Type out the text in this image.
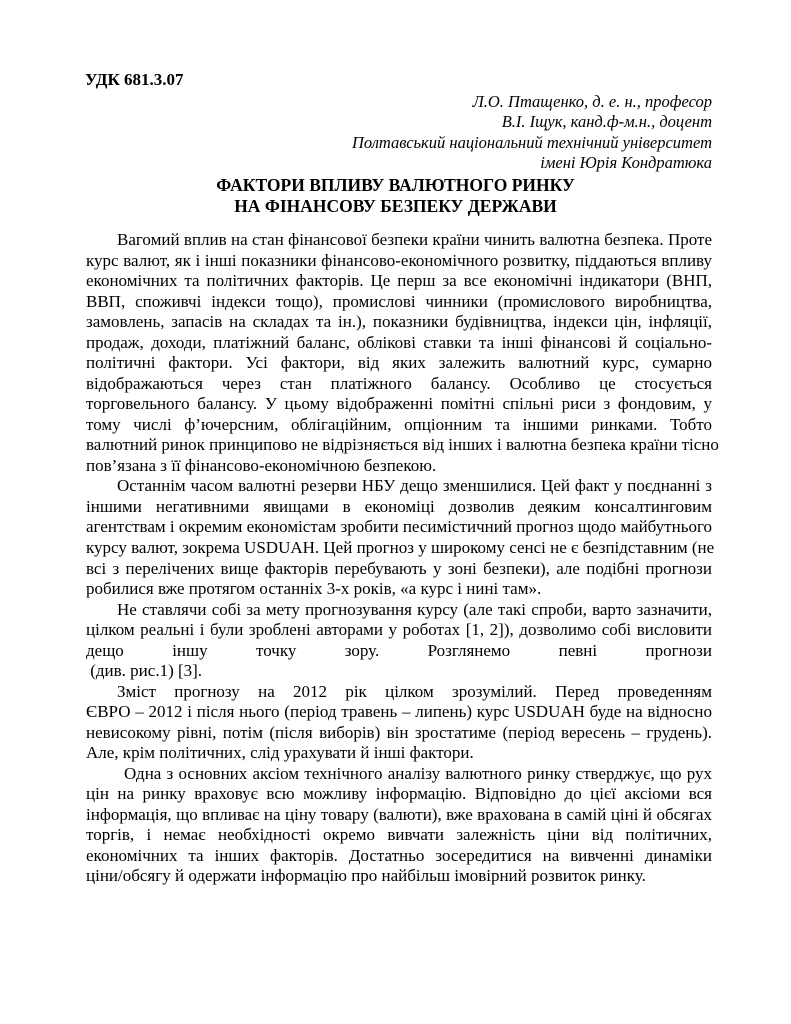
УДК 681.3.07
Л.О. Птащенко, д. е. н., професор
В.І. Іщук, канд.ф-м.н., доцент
Полтавський національний технічний університет
імені Юрія Кондратюка
ФАКТОРИ ВПЛИВУ ВАЛЮТНОГО РИНКУ
НА ФІНАНСОВУ БЕЗПЕКУ ДЕРЖАВИ
Вагомий вплив на стан фінансової безпеки країни чинить валютна безпека. Проте
курс валют, як і інші показники фінансово-економічного розвитку, піддаються впливу
економічних та політичних факторів. Це перш за все економічні індикатори (ВНП,
ВВП, споживчі індекси тощо), промислові чинники (промислового виробництва,
замовлень, запасів на складах та ін.), показники будівництва, індекси цін, інфляції,
продаж, доходи, платіжний баланс, облікові ставки та інші фінансові й соціально-
політичні фактори. Усі фактори, від яких залежить валютний курс, сумарно
відображаються через стан платіжного балансу. Особливо це стосується
торговельного балансу. У цьому відображенні помітні спільні риси з фондовим, у
тому числі ф’ючерсним, облігаційним, опціонним та іншими ринками. Тобто
валютний ринок принципово не відрізняється від інших і валютна безпека країни тісно
пов’язана з її фінансово-економічною безпекою.
Останнім часом валютні резерви НБУ дещо зменшилися. Цей факт у поєднанні з
іншими негативними явищами в економіці дозволив деяким консалтинговим
агентствам і окремим економістам зробити песимістичний прогноз щодо майбутнього
курсу валют, зокрема USDUAH. Цей прогноз у широкому сенсі не є безпідставним (не
всі з перелічених вище факторів перебувають у зоні безпеки), але подібні прогнози
робилися вже протягом останніх 3-х років, «а курс і нині там».
Не ставлячи собі за мету прогнозування курсу (але такі спроби, варто зазначити,
цілком реальні і були зроблені авторами у роботах [1, 2]), дозволимо собі висловити
дещо іншу точку зору. Розглянемо певні прогнози
(див. рис.1) [3].
Зміст прогнозу на 2012 рік цілком зрозумілий. Перед проведенням
ЄВРО – 2012 і після нього (період травень – липень) курс USDUAH буде на відносно
невисокому рівні, потім (після виборів) він зростатиме (період вересень – грудень).
Але, крім політичних, слід урахувати й інші фактори.
Одна з основних аксіом технічного аналізу валютного ринку стверджує, що рух
цін на ринку враховує всю можливу інформацію. Відповідно до цієї аксіоми вся
інформація, що впливає на ціну товару (валюти), вже врахована в самій ціні й обсягах
торгів, і немає необхідності окремо вивчати залежність ціни від політичних,
економічних та інших факторів. Достатньо зосередитися на вивченні динаміки
ціни/обсягу й одержати інформацію про найбільш імовірний розвиток ринку.
